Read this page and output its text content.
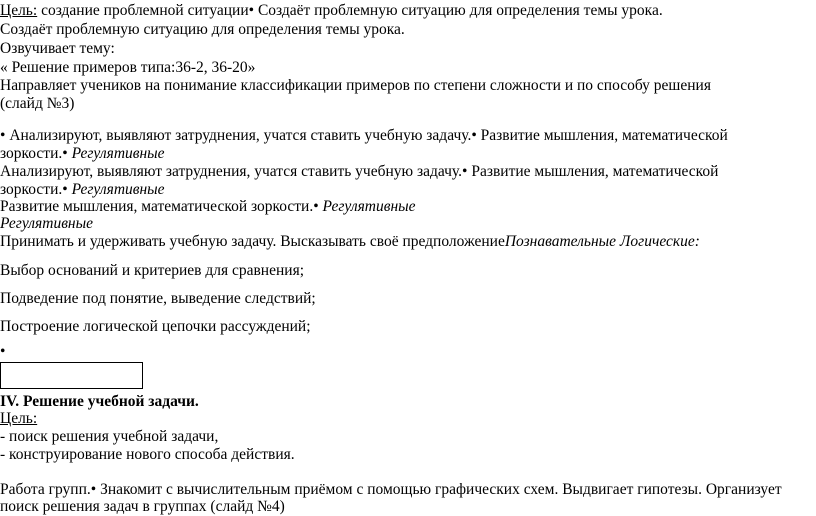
Цель: создание проблемной ситуации• Создаёт проблемную ситуацию для определения темы урока.
Создаёт проблемную ситуацию для определения темы урока.
Озвучивает тему:
« Решение примеров типа:36-2, 36-20»
Направляет учеников на понимание классификации примеров по степени сложности и по способу решения
(слайд №3)
• Анализируют, выявляют затруднения, учатся ставить учебную задачу.• Развитие мышления, математической
зоркости.• Регулятивные
Анализируют, выявляют затруднения, учатся ставить учебную задачу.• Развитие мышления, математической
зоркости.• Регулятивные
Развитие мышления, математической зоркости.• Регулятивные
Регулятивные
Принимать и удерживать учебную задачу. Высказывать своё предположениеПознавательные Логические:
Выбор оснований и критериев для сравнения;
Подведение под понятие, выведение следствий;
Построение логической цепочки рассуждений;
•
IV. Решение учебной задачи.
Цель:
- поиск решения учебной задачи,
- конструирование нового способа действия.
Работа групп.• Знакомит с вычислительным приёмом с помощью графических схем. Выдвигает гипотезы. Организует
поиск решения задач в группах (слайд №4)
